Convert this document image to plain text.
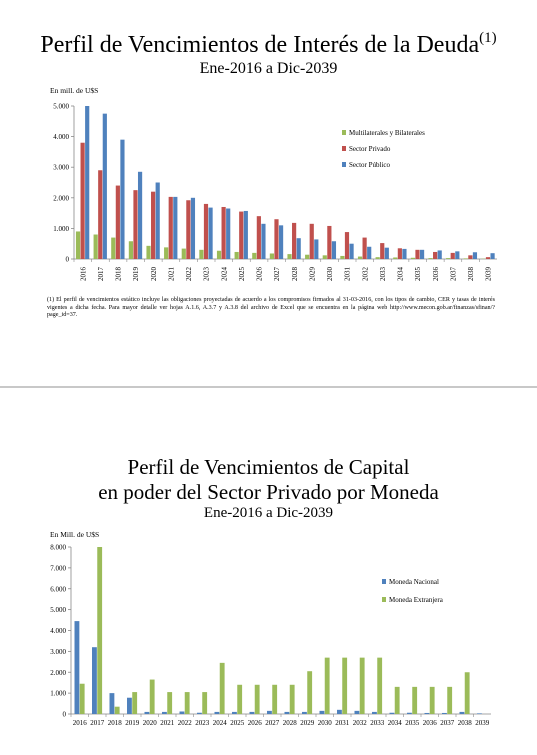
Perfil de Vencimientos de Interés de la Deuda$^{(1)}$
Ene-2016 a Dic-2039
En mill. de U$S
0
1.000
2.000
3.000
4.000
5.000
2016 2017 2018 2019 2020 2021 2022 2023 2024 2025 2026 2027 2028 2029 2030 2031 2032 2033 2034 2035 2036 2037 2038 2039
Multilaterales y Bilaterales
Sector Privado
Sector Público
(1) El perfil de vencimientos estático incluye las obligaciones proyectadas de acuerdo a los compromisos firmados al 31-03-2016, con los tipos de cambio, CER y tasas de interés vigentes a dicha fecha. Para mayor detalle ver hojas A.1.6, A.3.7 y A.3.8 del archivo de Excel que se encuentra en la página web http://www.mecon.gob.ar/finanzas/sfinan/?page_id=37.
Perfil de Vencimientos de Capital
en poder del Sector Privado por Moneda
Ene-2016 a Dic-2039
En Mill. de U$S
0
1.000
2.000
3.000
4.000
5.000
6.000
7.000
8.000
2016 2017 2018 2019 2020 2021 2022 2023 2024 2025 2026 2027 2028 2029 2030 2031 2032 2033 2034 2035 2036 2037 2038 2039
Moneda Nacional
Moneda Extranjera
